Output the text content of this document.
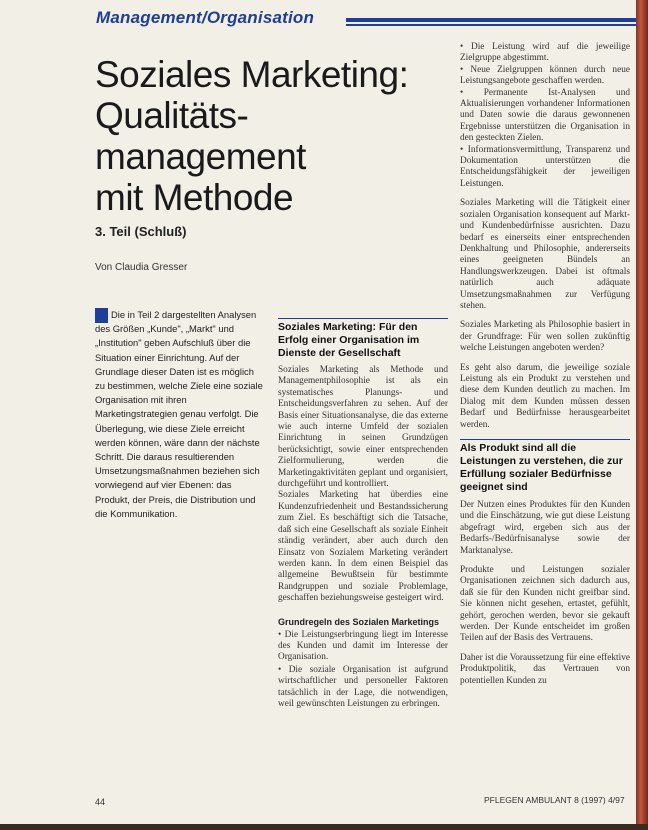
Management/Organisation
Soziales Marketing:
Qualitäts-
management
mit Methode
3. Teil (Schluß)
Von Claudia Gresser
Die in Teil 2 dargestellten Analysen des Größen „Kunde", „Markt" und „Institution" geben Aufschluß über die Situation einer Einrichtung. Auf der Grundlage dieser Daten ist es möglich zu bestimmen, welche Ziele eine soziale Organisation mit ihren Marketingstrategien genau verfolgt. Die Überlegung, wie diese Ziele erreicht werden können, wäre dann der nächste Schritt. Die daraus resultierenden Umsetzungsmaßnahmen beziehen sich vorwiegend auf vier Ebenen: das Produkt, der Preis, die Distribution und die Kommunikation.
Soziales Marketing: Für den Erfolg einer Organisation im Dienste der Gesellschaft
Soziales Marketing als Methode und Managementphilosophie ist als ein systematisches Planungs- und Entscheidungsverfahren zu sehen. Auf der Basis einer Situationsanalyse, die das externe wie auch interne Umfeld der sozialen Einrichtung in seinen Grundzügen berücksichtigt, sowie einer entsprechenden Zielformulierung, werden die Marketingaktivitäten geplant und organisiert, durchgeführt und kontrolliert.
Soziales Marketing hat überdies eine Kundenzufriedenheit und Bestandssicherung zum Ziel. Es beschäftigt sich die Tatsache, daß sich eine Gesellschaft als soziale Einheit ständig verändert, aber auch durch den Einsatz von Sozialem Marketing verändert werden kann. In dem einen Beispiel das allgemeine Bewußtsein für bestimmte Randgruppen und soziale Problemlage, geschaffen beziehungsweise gesteigert wird.
Grundregeln des Sozialen Marketings
• Die Leistungserbringung liegt im Interesse des Kunden und damit im Interesse der Organisation.
• Die soziale Organisation ist aufgrund wirtschaftlicher und personeller Faktoren tatsächlich in der Lage, die notwendigen, weil gewünschten Leistungen zu erbringen.
• Die Leistung wird auf die jeweilige Zielgruppe abgestimmt.
• Neue Zielgruppen können durch neue Leistungsangebote geschaffen werden.
• Permanente Ist-Analysen und Aktualisierungen vorhandener Informationen und Daten sowie die daraus gewonnenen Ergebnisse unterstützen die Organisation in den gesteckten Zielen.
• Informationsvermittlung, Transparenz und Dokumentation unterstützen die Entscheidungsfähigkeit der jeweiligen Leistungen.
Soziales Marketing will die Tätigkeit einer sozialen Organisation konsequent auf Markt- und Kundenbedürfnisse ausrichten. Dazu bedarf es einerseits einer entsprechenden Denkhaltung und Philosophie, andererseits eines geeigneten Bündels an Handlungswerkzeugen. Dabei ist oftmals natürlich auch adäquate Umsetzungsmaßnahmen zur Verfügung stehen.
Soziales Marketing als Philosophie basiert in der Grundfrage: Für wen sollen zukünftig welche Leistungen angeboten werden?
Es geht also darum, die jeweilige soziale Leistung als ein Produkt zu verstehen und diese dem Kunden deutlich zu machen. Im Dialog mit dem Kunden müssen dessen Bedarf und Bedürfnisse herausgearbeitet werden.
Als Produkt sind all die Leistungen zu verstehen, die zur Erfüllung sozialer Bedürfnisse geeignet sind
Der Nutzen eines Produktes für den Kunden und die Einschätzung, wie gut diese Leistung abgefragt wird, ergeben sich aus der Bedarfs-/Bedürfnisanalyse sowie der Marktanalyse.
Produkte und Leistungen sozialer Organisationen zeichnen sich dadurch aus, daß sie für den Kunden nicht greifbar sind. Sie können nicht gesehen, ertastet, gefühlt, gehört, gerochen werden, bevor sie gekauft werden. Der Kunde entscheidet im großen Teilen auf der Basis des Vertrauens.
Daher ist die Voraussetzung für eine effektive Produktpolitik, das Vertrauen von potentiellen Kunden zu
44	PFLEGEN AMBULANT 8 (1997) 4/97
